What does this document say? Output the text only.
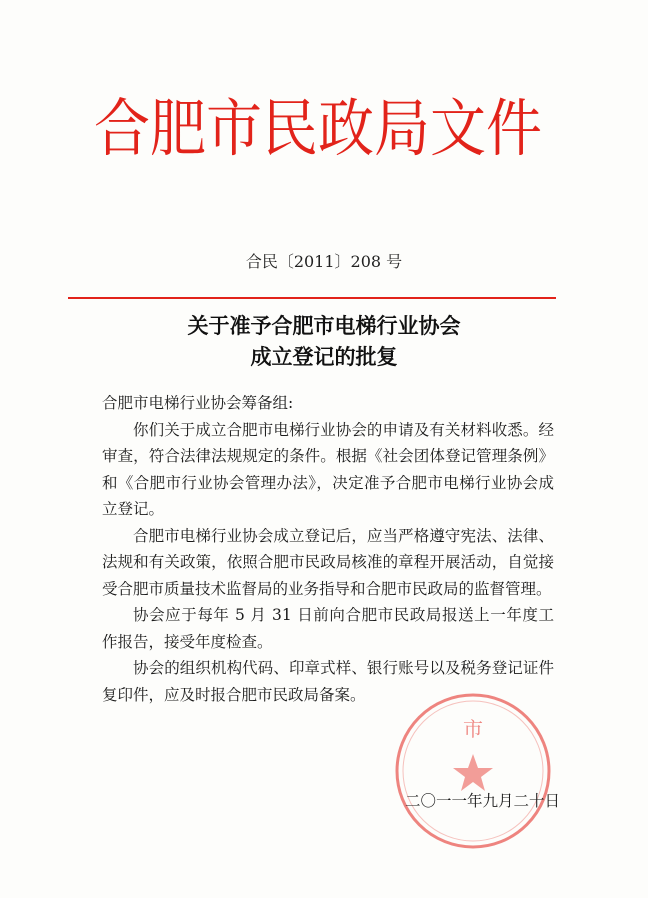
合肥市民政局文件
合民〔2011〕208 号
关于准予合肥市电梯行业协会
成立登记的批复

合肥市电梯行业协会筹备组:

你们关于成立合肥市电梯行业协会的申请及有关材料收悉。经审查，符合法律法规规定的条件。根据《社会团体登记管理条例》和《合肥市行业协会管理办法》，决定准予合肥市电梯行业协会成立登记。

合肥市电梯行业协会成立登记后，应当严格遵守宪法、法律、法规和有关政策，依照合肥市民政局核准的章程开展活动，自觉接受合肥市质量技术监督局的业务指导和合肥市民政局的监督管理。

协会应于每年 5 月 31 日前向合肥市民政局报送上一年度工作报告，接受年度检查。

协会的组织机构代码、印章式样、银行账号以及税务登记证件复印件，应及时报合肥市民政局备案。

市
二〇一一年九月二十日
